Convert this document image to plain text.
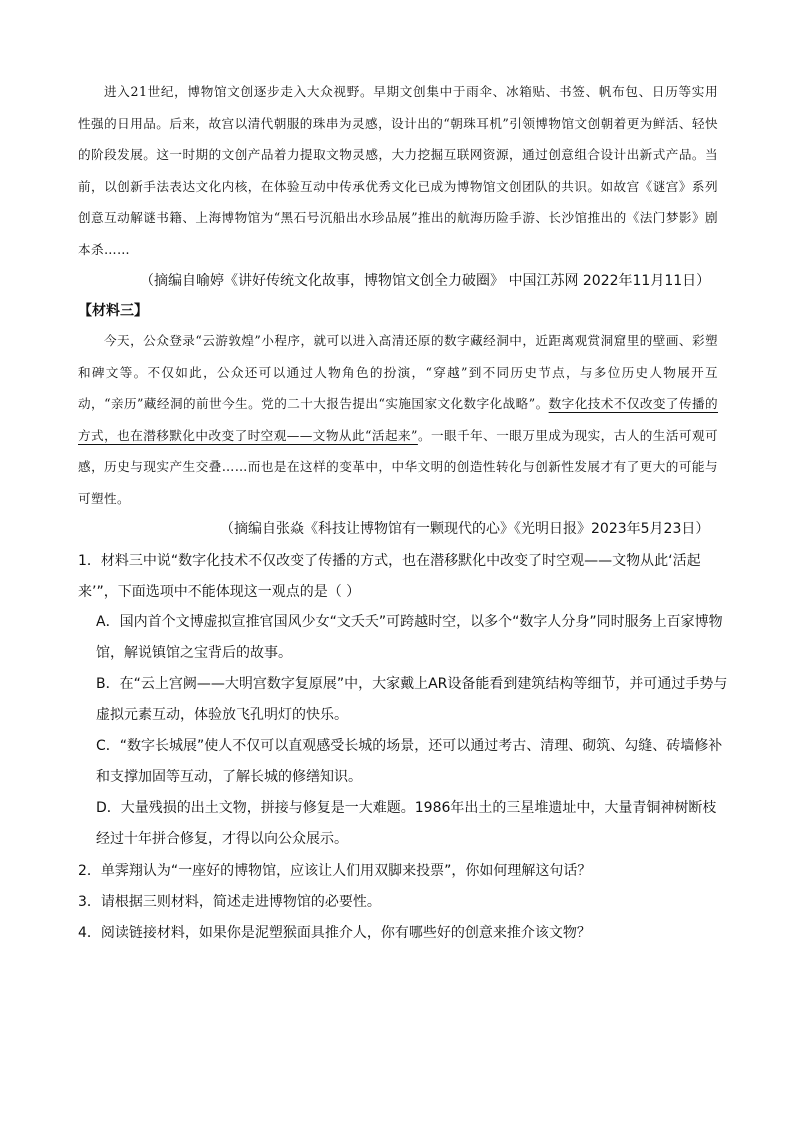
进入21世纪，博物馆文创逐步走入大众视野。早期文创集中于雨伞、冰箱贴、书签、帆布包、日历等实用性强的日用品。后来，故宫以清代朝服的珠串为灵感，设计出的“朝珠耳机”引领博物馆文创朝着更为鲜活、轻快的阶段发展。这一时期的文创产品着力提取文物灵感，大力挖掘互联网资源，通过创意组合设计出新式产品。当前，以创新手法表达文化内核，在体验互动中传承优秀文化已成为博物馆文创团队的共识。如故宫《谜宫》系列创意互动解谜书籍、上海博物馆为“黑石号沉船出水珍品展”推出的航海历险手游、长沙馆推出的《法门梦影》剧本杀……

（摘编自喻婷《讲好传统文化故事，博物馆文创全力破圈》 中国江苏网 2022年11月11日）

【材料三】

今天，公众登录“云游敦煌”小程序，就可以进入高清还原的数字藏经洞中，近距离观赏洞窟里的壁画、彩塑和碑文等。不仅如此，公众还可以通过人物角色的扮演，“穿越”到不同历史节点，与多位历史人物展开互动，“亲历”藏经洞的前世今生。党的二十大报告提出“实施国家文化数字化战略”。数字化技术不仅改变了传播的方式，也在潜移默化中改变了时空观——文物从此“活起来”。一眼千年、一眼万里成为现实，古人的生活可观可感，历史与现实产生交叠……而也是在这样的变革中，中华文明的创造性转化与创新性发展才有了更大的可能与可塑性。

（摘编自张焱《科技让博物馆有一颗现代的心》《光明日报》2023年5月23日）

1．材料三中说“数字化技术不仅改变了传播的方式，也在潜移默化中改变了时空观——文物从此‘活起来’”，下面选项中不能体现这一观点的是（ ）

A．国内首个文博虚拟宣推官国风少女“文夭夭”可跨越时空，以多个“数字人分身”同时服务上百家博物馆，解说镇馆之宝背后的故事。

B．在“云上宫阙——大明宫数字复原展”中，大家戴上AR设备能看到建筑结构等细节，并可通过手势与虚拟元素互动，体验放飞孔明灯的快乐。

C．“数字长城展”使人不仅可以直观感受长城的场景，还可以通过考古、清理、砌筑、勾缝、砖墙修补和支撑加固等互动，了解长城的修缮知识。

D．大量残损的出土文物，拼接与修复是一大难题。1986年出土的三星堆遗址中，大量青铜神树断枝经过十年拼合修复，才得以向公众展示。

2．单霁翔认为“一座好的博物馆，应该让人们用双脚来投票”，你如何理解这句话？

3．请根据三则材料，简述走进博物馆的必要性。

4．阅读链接材料，如果你是泥塑猴面具推介人，你有哪些好的创意来推介该文物？
